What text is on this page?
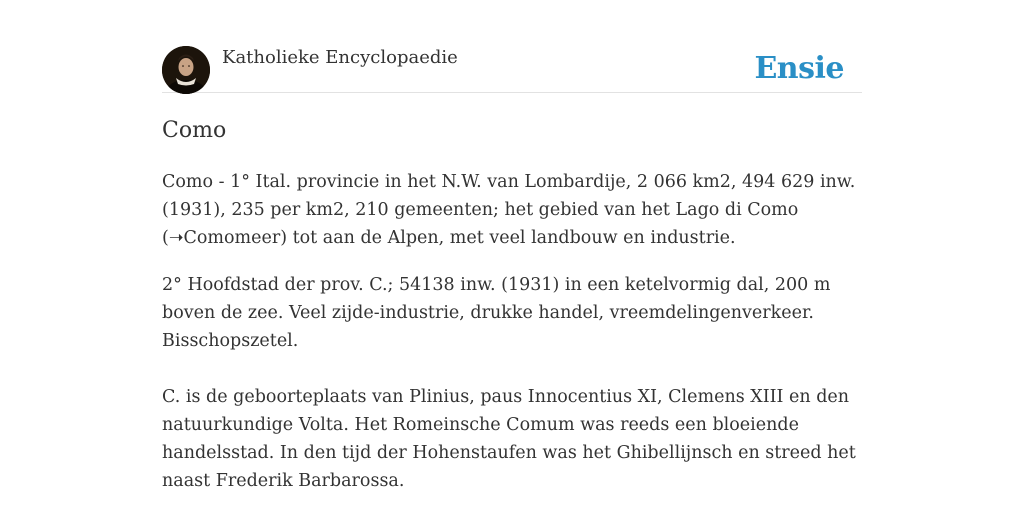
Katholieke Encyclopaedie	Ensie
Como

Como - 1° Ital. provincie in het N.W. van Lombardije, 2 066 km2, 494 629 inw. (1931), 235 per km2, 210 gemeenten; het gebied van het Lago di Como (➝Comomeer) tot aan de Alpen, met veel landbouw en industrie.

2° Hoofdstad der prov. C.; 54138 inw. (1931) in een ketelvormig dal, 200 m boven de zee. Veel zijde-industrie, drukke handel, vreemdelingenverkeer. Bisschopszetel.

C. is de geboorteplaats van Plinius, paus Innocentius XI, Clemens XIII en den natuurkundige Volta. Het Romeinsche Comum was reeds een bloeiende handelsstad. In den tijd der Hohenstaufen was het Ghibellijnsch en streed het naast Frederik Barbarossa.
